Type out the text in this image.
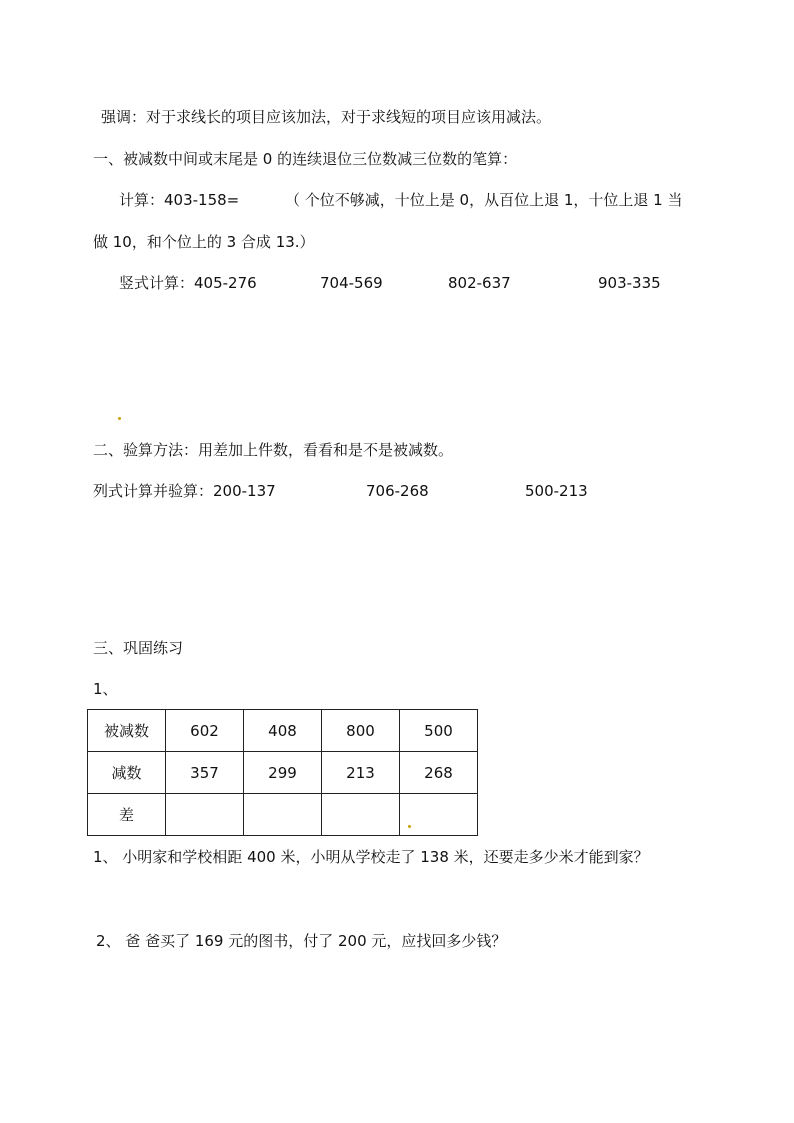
强调：对于求线长的项目应该加法，对于求线短的项目应该用减法。
一、被减数中间或末尾是 0 的连续退位三位数减三位数的笔算：
计算：403-158=	（ 个位不够减，十位上是 0，从百位上退 1，十位上退 1 当
做 10，和个位上的 3 合成 13.）
竖式计算：405-276	704-569	802-637	903-335
二、验算方法：用差加上件数，看看和是不是被减数。
列式计算并验算：200-137	706-268	500-213
三、巩固练习
1、
被减数	602	408	800	500
减数	357	299	213	268
差				
1、 小明家和学校相距 400 米，小明从学校走了 138 米，还要走多少米才能到家？
2、 爸 爸买了 169 元的图书，付了 200 元，应找回多少钱？
